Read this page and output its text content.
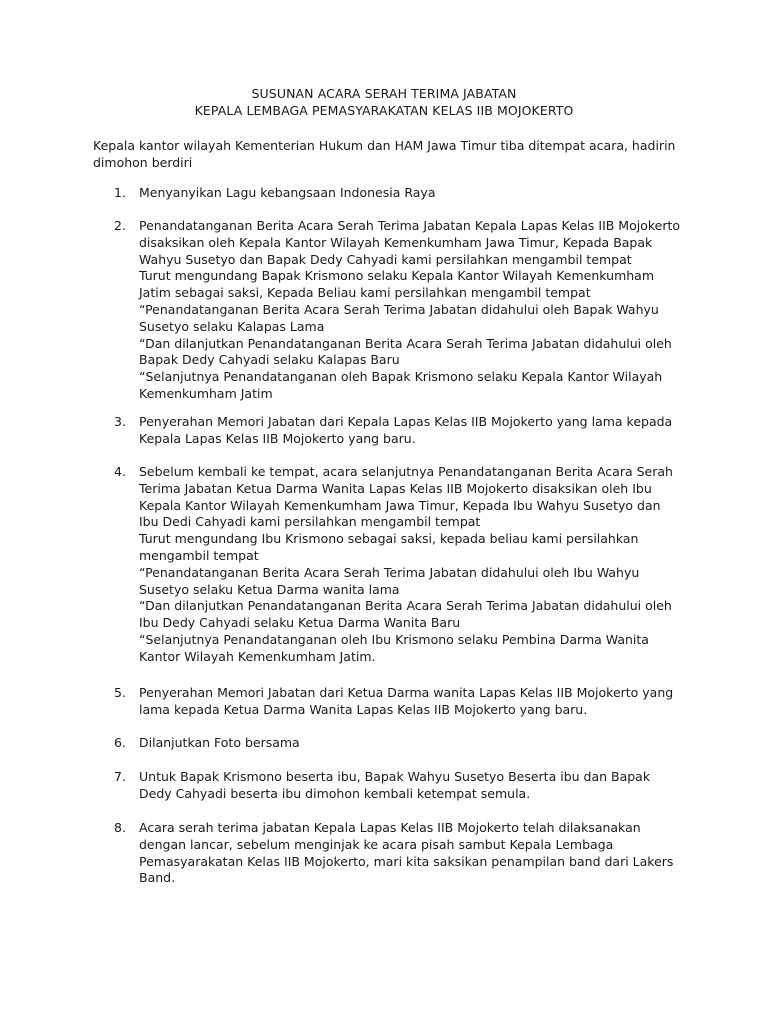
SUSUNAN ACARA SERAH TERIMA JABATAN
KEPALA LEMBAGA PEMASYARAKATAN KELAS IIB MOJOKERTO
Kepala kantor wilayah Kementerian Hukum dan HAM Jawa Timur tiba ditempat acara, hadirin dimohon berdiri
1.	Menyanyikan Lagu kebangsaan Indonesia Raya

2.	Penandatanganan Berita Acara Serah Terima Jabatan Kepala Lapas Kelas IIB Mojokerto disaksikan oleh Kepala Kantor Wilayah Kemenkumham Jawa Timur, Kepada Bapak Wahyu Susetyo dan Bapak Dedy Cahyadi kami persilahkan mengambil tempat

Turut mengundang Bapak Krismono selaku Kepala Kantor Wilayah Kemenkumham Jatim sebagai saksi, Kepada Beliau kami persilahkan mengambil tempat

“Penandatanganan Berita Acara Serah Terima Jabatan didahului oleh Bapak Wahyu Susetyo selaku Kalapas Lama

“Dan dilanjutkan Penandatanganan Berita Acara Serah Terima Jabatan didahului oleh Bapak Dedy Cahyadi selaku Kalapas Baru

“Selanjutnya Penandatanganan oleh Bapak Krismono selaku Kepala Kantor Wilayah Kemenkumham Jatim

3.	Penyerahan Memori Jabatan dari Kepala Lapas Kelas IIB Mojokerto yang lama kepada Kepala Lapas Kelas IIB Mojokerto yang baru.

4.	Sebelum kembali ke tempat, acara selanjutnya Penandatanganan Berita Acara Serah Terima Jabatan Ketua Darma Wanita Lapas Kelas IIB Mojokerto disaksikan oleh Ibu Kepala Kantor Wilayah Kemenkumham Jawa Timur, Kepada Ibu Wahyu Susetyo dan Ibu Dedi Cahyadi kami persilahkan mengambil tempat

Turut mengundang Ibu Krismono sebagai saksi, kepada beliau kami persilahkan mengambil tempat

“Penandatanganan Berita Acara Serah Terima Jabatan didahului oleh Ibu Wahyu Susetyo selaku Ketua Darma wanita lama

“Dan dilanjutkan Penandatanganan Berita Acara Serah Terima Jabatan didahului oleh Ibu Dedy Cahyadi selaku Ketua Darma Wanita Baru

“Selanjutnya Penandatanganan oleh Ibu Krismono selaku Pembina Darma Wanita Kantor Wilayah Kemenkumham Jatim.

5.	Penyerahan Memori Jabatan dari Ketua Darma wanita Lapas Kelas IIB Mojokerto yang lama kepada Ketua Darma Wanita Lapas Kelas IIB Mojokerto yang baru.

6.	Dilanjutkan Foto bersama

7.	Untuk Bapak Krismono beserta ibu, Bapak Wahyu Susetyo Beserta ibu dan Bapak Dedy Cahyadi beserta ibu dimohon kembali ketempat semula.

8.	Acara serah terima jabatan Kepala Lapas Kelas IIB Mojokerto telah dilaksanakan dengan lancar, sebelum menginjak ke acara pisah sambut Kepala Lembaga Pemasyarakatan Kelas IIB Mojokerto, mari kita saksikan penampilan band dari Lakers Band.
